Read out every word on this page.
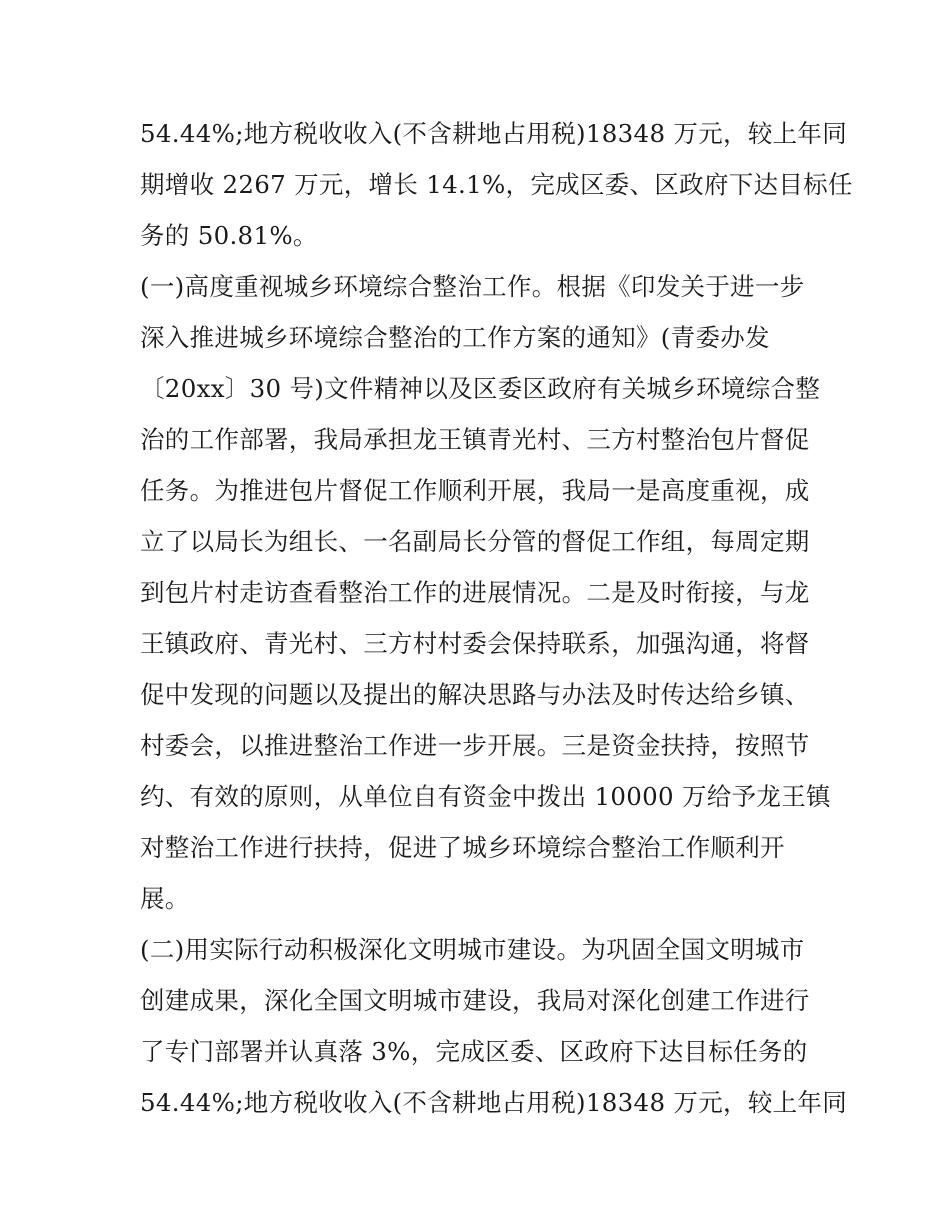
54.44%;地方税收收入(不含耕地占用税)18348 万元，较上年同
期增收 2267 万元，增长 14.1%，完成区委、区政府下达目标任
务的 50.81%。
(一)高度重视城乡环境综合整治工作。根据《印发关于进一步
深入推进城乡环境综合整治的工作方案的通知》(青委办发
〔20xx〕30 号)文件精神以及区委区政府有关城乡环境综合整
治的工作部署，我局承担龙王镇青光村、三方村整治包片督促
任务。为推进包片督促工作顺利开展，我局一是高度重视，成
立了以局长为组长、一名副局长分管的督促工作组，每周定期
到包片村走访查看整治工作的进展情况。二是及时衔接，与龙
王镇政府、青光村、三方村村委会保持联系，加强沟通，将督
促中发现的问题以及提出的解决思路与办法及时传达给乡镇、
村委会，以推进整治工作进一步开展。三是资金扶持，按照节
约、有效的原则，从单位自有资金中拨出 10000 万给予龙王镇
对整治工作进行扶持，促进了城乡环境综合整治工作顺利开
展。
(二)用实际行动积极深化文明城市建设。为巩固全国文明城市
创建成果，深化全国文明城市建设，我局对深化创建工作进行
了专门部署并认真落 3%，完成区委、区政府下达目标任务的
54.44%;地方税收收入(不含耕地占用税)18348 万元，较上年同
